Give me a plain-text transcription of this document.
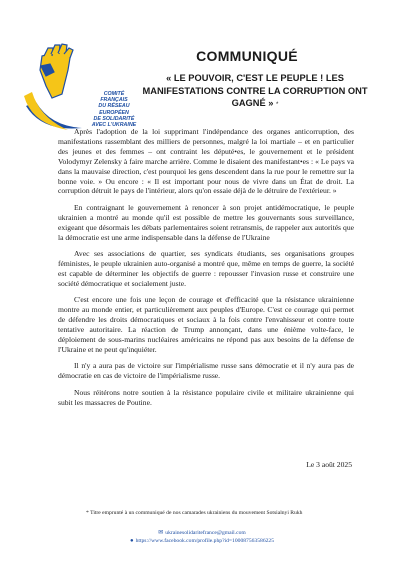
COMITÉ
FRANÇAIS
DU RÉSEAU
EUROPÉEN
DE SOLIDARITÉ
AVEC L'UKRAINE
COMMUNIQUÉ
« LE POUVOIR, C'EST LE PEUPLE ! LES MANIFESTATIONS CONTRE LA CORRUPTION ONT GAGNÉ » *

Après l'adoption de la loi supprimant l'indépendance des organes anticorruption, des manifestations rassemblant des milliers de personnes, malgré la loi martiale – et en particulier des jeunes et des femmes – ont contraint les député•es, le gouvernement et le président Volodymyr Zelensky à faire marche arrière. Comme le disaient des manifestant•es : « Le pays va dans la mauvaise direction, c'est pourquoi les gens descendent dans la rue pour le remettre sur la bonne voie. » Ou encore : « Il est important pour nous de vivre dans un État de droit. La corruption détruit le pays de l'intérieur, alors qu'on essaie déjà de le détruire de l'extérieur. »

En contraignant le gouvernement à renoncer à son projet antidémocratique, le peuple ukrainien a montré au monde qu'il est possible de mettre les gouvernants sous surveillance, exigeant que désormais les débats parlementaires soient retransmis, de rappeler aux autorités que la démocratie est une arme indispensable dans la défense de l'Ukraine

Avec ses associations de quartier, ses syndicats étudiants, ses organisations groupes féministes, le peuple ukrainien auto-organisé a montré que, même en temps de guerre, la société est capable de déterminer les objectifs de guerre : repousser l'invasion russe et construire une société démocratique et socialement juste.

C'est encore une fois une leçon de courage et d'efficacité que la résistance ukrainienne montre au monde entier, et particulièrement aux peuples d'Europe. C'est ce courage qui permet de défendre les droits démocratiques et sociaux à la fois contre l'envahisseur et contre toute tentative autoritaire. La réaction de Trump annonçant, dans une énième volte-face, le déploiement de sous-marins nucléaires américains ne répond pas aux besoins de la défense de l'Ukraine et ne peut qu'inquiéter.

Il n'y a aura pas de victoire sur l'impérialisme russe sans démocratie et il n'y aura pas de démocratie en cas de victoire de l'impérialisme russe.

Nous réitérons notre soutien à la résistance populaire civile et militaire ukrainienne qui subit les massacres de Poutine.

Le 3 août 2025
* Titre emprunté à un communiqué de nos camarades ukrainiens du mouvement Sotsialnyi Rukh
✉ ukrainesolidaritefrance@gmail.com
● https://www.facebook.com/profile.php?id=100087563586225
